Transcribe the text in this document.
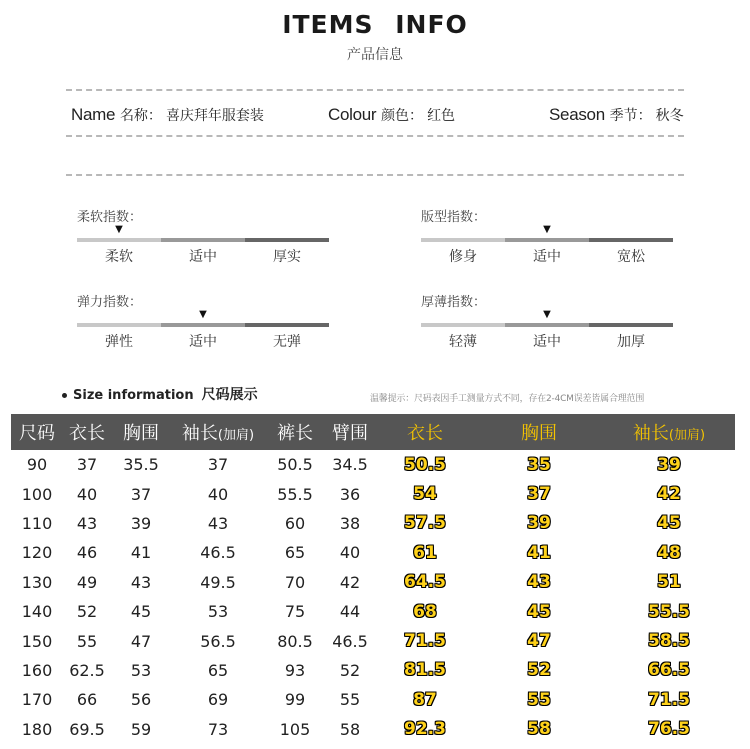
ITEMS INFO
产品信息
Name 名称： 喜庆拜年服套装	Colour 颜色： 红色	Season 季节： 秋冬
柔软指数：
▼
柔软	适中	厚实
版型指数：
▼
修身	适中	宽松
弹力指数：
▼
弹性	适中	无弹
厚薄指数：
▼
轻薄	适中	加厚
Size information 尺码展示	温馨提示：尺码表因手工测量方式不同，存在2-4CM误差皆属合理范围
尺码	衣长	胸围	袖长(加肩)	裤长	臂围	衣长	胸围	袖长(加肩)
90	37	35.5	37	50.5	34.5	50.5	35	39
100	40	37	40	55.5	36	54	37	42
110	43	39	43	60	38	57.5	39	45
120	46	41	46.5	65	40	61	41	48
130	49	43	49.5	70	42	64.5	43	51
140	52	45	53	75	44	68	45	55.5
150	55	47	56.5	80.5	46.5	71.5	47	58.5
160	62.5	53	65	93	52	81.5	52	66.5
170	66	56	69	99	55	87	55	71.5
180	69.5	59	73	105	58	92.3	58	76.5
